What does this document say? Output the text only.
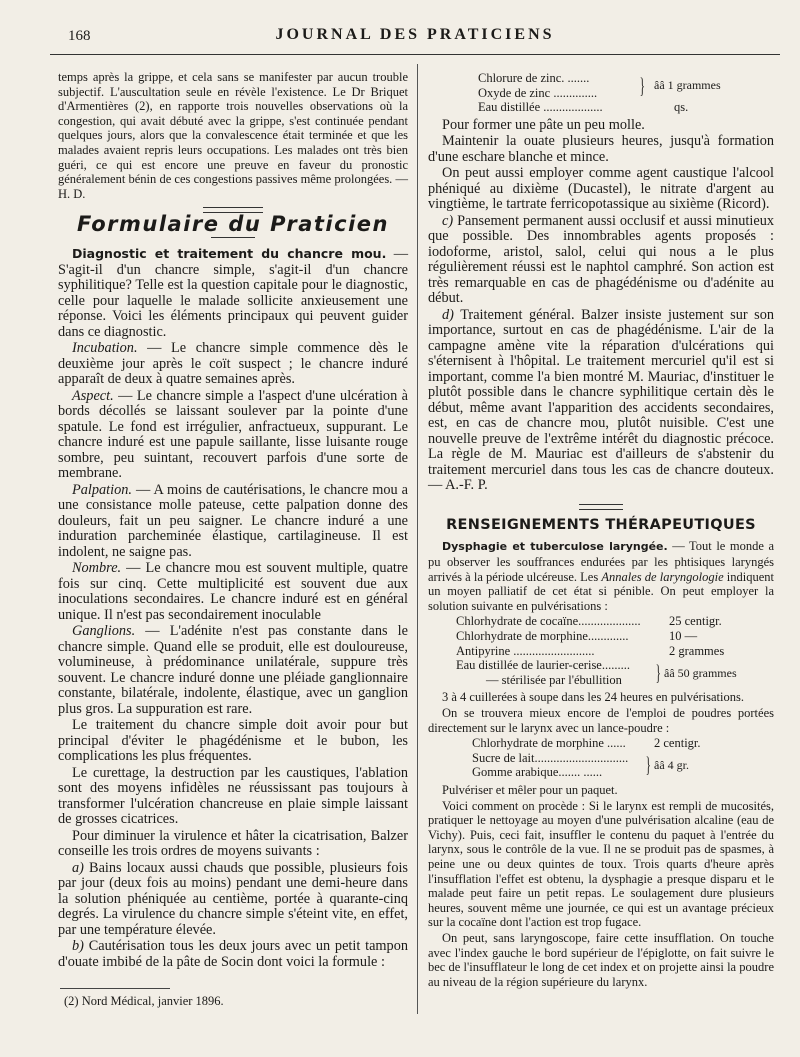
168	JOURNAL DES PRATICIENS

temps après la grippe, et cela sans se manifester par aucun trouble subjectif. L'auscultation seule en révèle l'existence. Le Dr Briquet d'Armentières (2), en rapporte trois nouvelles observations où la congestion, qui avait débuté avec la grippe, s'est continuée pendant quelques jours, alors que la convalescence était terminée et que les malades avaient repris leurs occupations. Les malades ont très bien guéri, ce qui est encore une preuve en faveur du pronostic généralement bénin de ces congestions passives même prolongées. — H. D.

Formulaire du Praticien

Diagnostic et traitement du chancre mou. — S'agit-il d'un chancre simple, s'agit-il d'un chancre syphilitique? Telle est la question capitale pour le diagnostic, celle pour laquelle le malade sollicite anxieusement une réponse. Voici les éléments principaux qui peuvent guider dans ce diagnostic.

Incubation. — Le chancre simple commence dès le deuxième jour après le coït suspect ; le chancre induré apparaît de deux à quatre semaines après.

Aspect. — Le chancre simple a l'aspect d'une ulcération à bords décollés se laissant soulever par la pointe d'une spatule. Le fond est irrégulier, anfractueux, suppurant. Le chancre induré est une papule saillante, lisse luisante rouge sombre, peu suintant, recouvert parfois d'une sorte de membrane.

Palpation. — A moins de cautérisations, le chancre mou a une consistance molle pateuse, cette palpation donne des douleurs, fait un peu saigner. Le chancre induré a une induration parcheminée élastique, cartilagineuse. Il est indolent, ne saigne pas.

Nombre. — Le chancre mou est souvent multiple, quatre fois sur cinq. Cette multiplicité est souvent due aux inoculations secondaires. Le chancre induré est en général unique. Il n'est pas secondairement inoculable

Ganglions. — L'adénite n'est pas constante dans le chancre simple. Quand elle se produit, elle est douloureuse, volumineuse, à prédominance unilatérale, suppure très souvent. Le chancre induré donne une pléiade ganglionnaire constante, bilatérale, indolente, élastique, avec un ganglion plus gros. La suppuration est rare.

Le traitement du chancre simple doit avoir pour but principal d'éviter le phagédénisme et le bubon, les complications les plus fréquentes.

Le curettage, la destruction par les caustiques, l'ablation sont des moyens infidèles ne réussissant pas toujours à transformer l'ulcération chancreuse en plaie simple laissant de grosses cicatrices.

Pour diminuer la virulence et hâter la cicatrisation, Balzer conseille les trois ordres de moyens suivants :

a) Bains locaux aussi chauds que possible, plusieurs fois par jour (deux fois au moins) pendant une demi-heure dans la solution phéniquée au centième, portée à quarante-cinq degrés. La virulence du chancre simple s'éteint vite, en effet, par une température élevée.

b) Cautérisation tous les deux jours avec un petit tampon d'ouate imbibé de la pâte de Socin dont voici la formule :

(2) Nord Médical, janvier 1896.
Chlorure de zinc. .......
Oxyde de zinc ..............	} ââ 1 grammes
Eau distillée ...................	qs.

Pour former une pâte un peu molle.

Maintenir la ouate plusieurs heures, jusqu'à formation d'une eschare blanche et mince.

On peut aussi employer comme agent caustique l'alcool phéniqué au dixième (Ducastel), le nitrate d'argent au vingtième, le tartrate ferricopotassique au sixième (Ricord).

c) Pansement permanent aussi occlusif et aussi minutieux que possible. Des innombrables agents proposés : iodoforme, aristol, salol, celui qui nous a le plus régulièrement réussi est le naphtol camphré. Son action est très remarquable en cas de phagédénisme ou d'adénite au début.

d) Traitement général. Balzer insiste justement sur son importance, surtout en cas de phagédénisme. L'air de la campagne amène vite la réparation d'ulcérations qui s'éternisent à l'hôpital. Le traitement mercuriel qu'il est si important, comme l'a bien montré M. Mauriac, d'instituer le plutôt possible dans le chancre syphilitique certain dès le début, même avant l'apparition des accidents secondaires, est, en cas de chancre mou, plutôt nuisible. C'est une nouvelle preuve de l'extrême intérêt du diagnostic précoce. La règle de M. Mauriac est d'ailleurs de s'abstenir du traitement mercuriel dans tous les cas de chancre douteux. — A.-F. P.

RENSEIGNEMENTS THÉRAPEUTIQUES

Dysphagie et tuberculose laryngée. — Tout le monde a pu observer les souffrances endurées par les phtisiques laryngés arrivés à la période ulcéreuse. Les Annales de laryngologie indiquent un moyen palliatif de cet état si pénible. On peut employer la solution suivante en pulvérisations :

Chlorhydrate de cocaïne....................	25 centigr.
Chlorhydrate de morphine.............	10 —
Antipyrine ..........................	2 grammes
Eau distillée de laurier-cerise.........
— stérilisée par l'ébullition	} ââ 50 grammes

3 à 4 cuillerées à soupe dans les 24 heures en pulvérisations.

On se trouvera mieux encore de l'emploi de poudres portées directement sur le larynx avec un lance-poudre :

Chlorhydrate de morphine ......	2 centigr.
Sucre de lait..............................
Gomme arabique....... ......	} ââ 4 gr.

Pulvériser et mêler pour un paquet.

Voici comment on procède : Si le larynx est rempli de mucosités, pratiquer le nettoyage au moyen d'une pulvérisation alcaline (eau de Vichy). Puis, ceci fait, insuffler le contenu du paquet à l'entrée du larynx, sous le contrôle de la vue. Il ne se produit pas de spasmes, à peine une ou deux quintes de toux. Trois quarts d'heure après l'insufflation l'effet est obtenu, la dysphagie a presque disparu et le malade peut faire un petit repas. Le soulagement dure plusieurs heures, souvent même une journée, ce qui est un avantage précieux sur la cocaïne dont l'action est trop fugace.

On peut, sans laryngoscope, faire cette insufflation. On touche avec l'index gauche le bord supérieur de l'épiglotte, on fait suivre le bec de l'insufflateur le long de cet index et on projette ainsi la poudre au niveau de la région supérieure du larynx.
